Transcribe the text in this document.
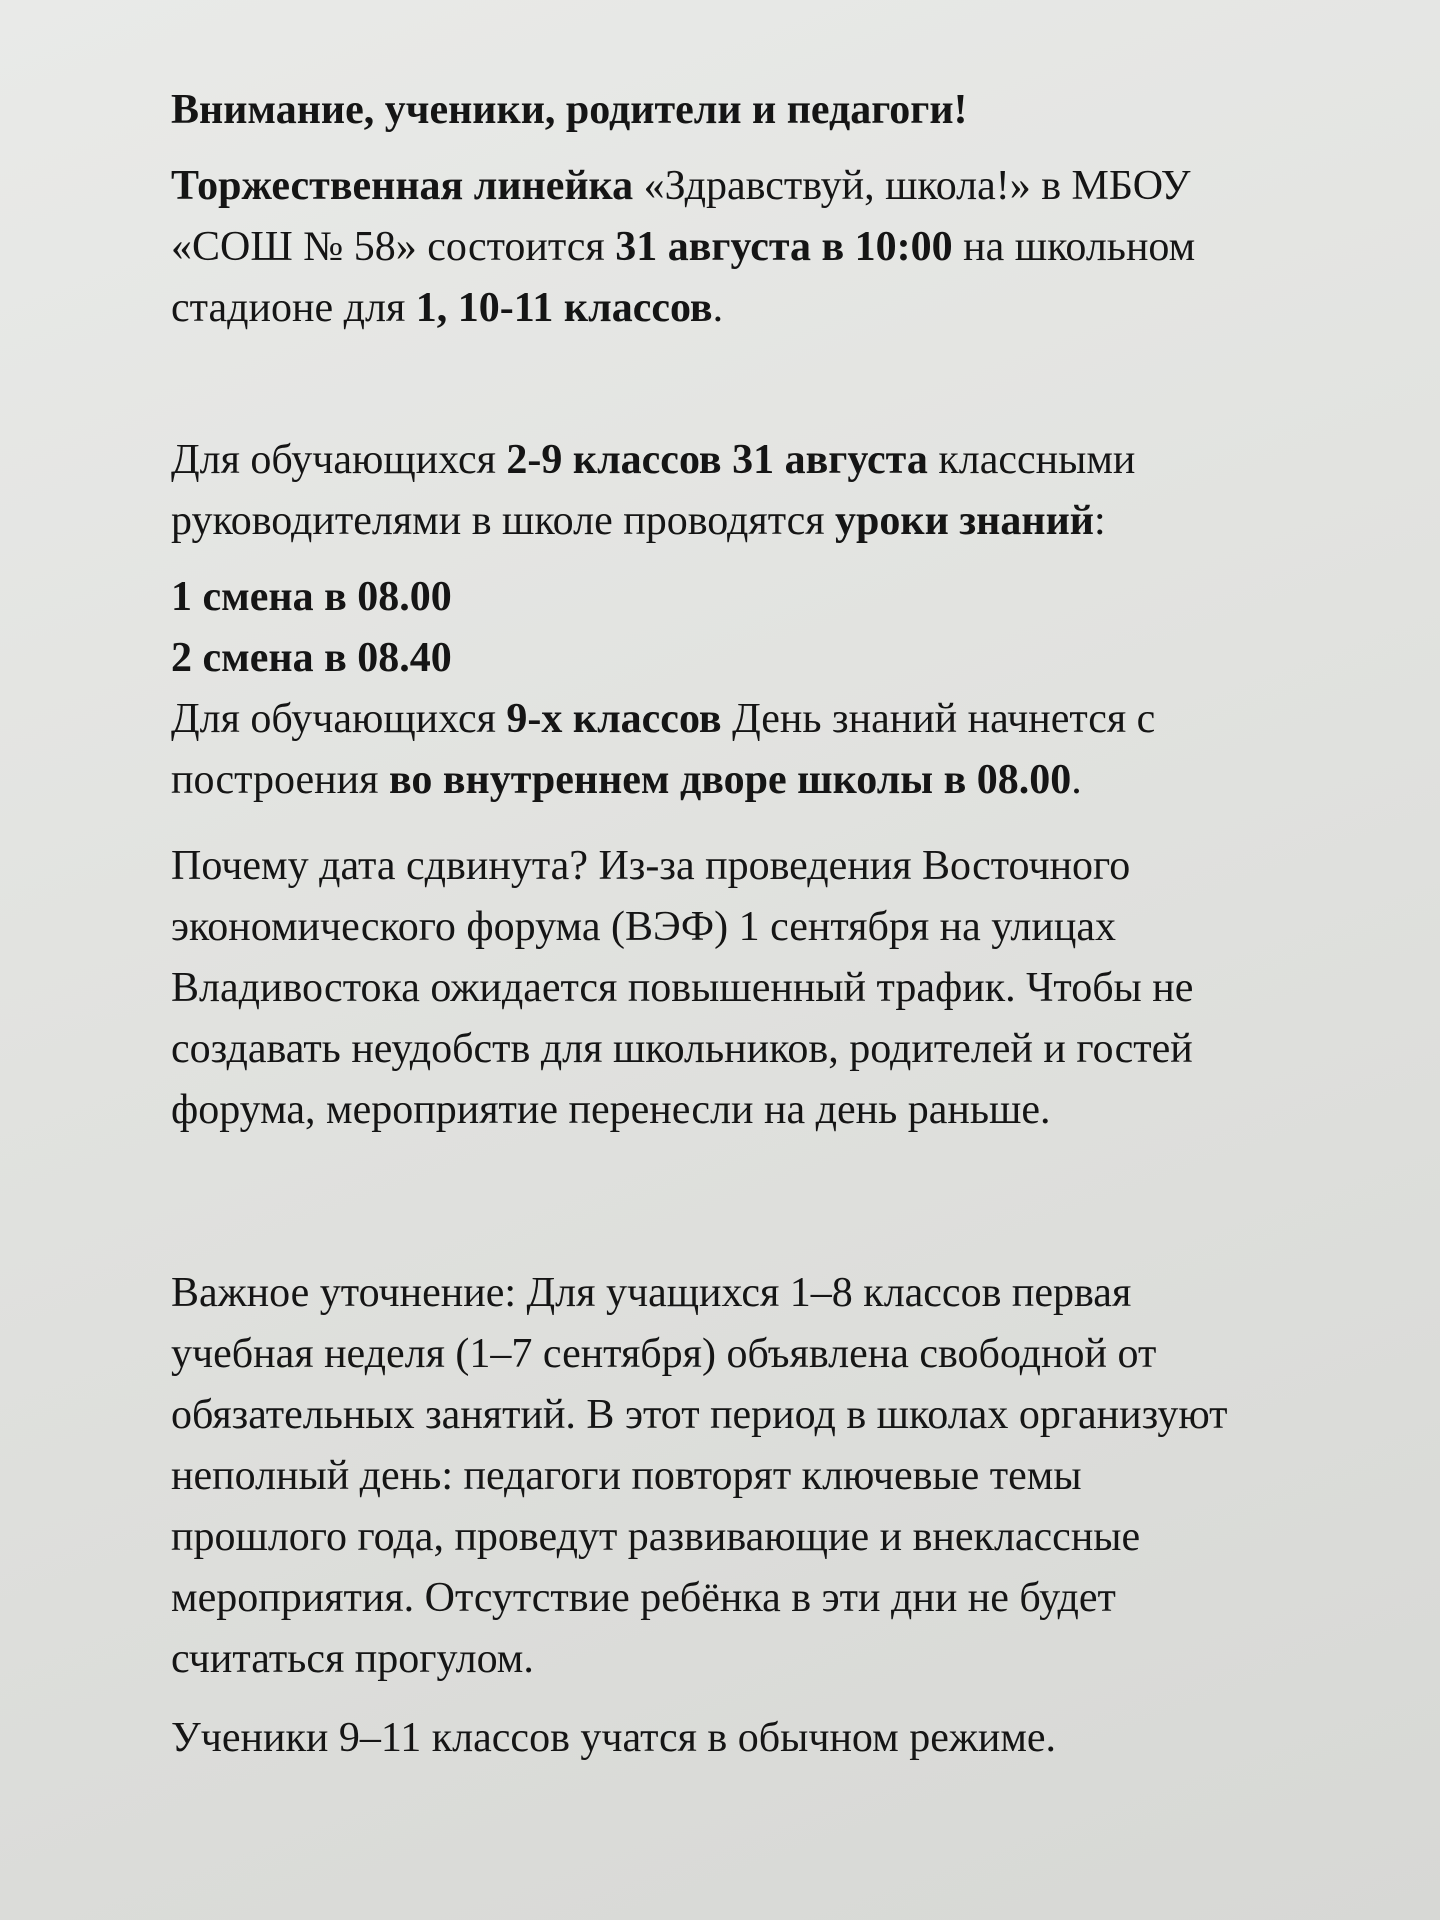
Внимание, ученики, родители и педагоги!

Торжественная линейка «Здравствуй, школа!» в МБОУ
«СОШ № 58» состоится 31 августа в 10:00 на школьном
стадионе для 1, 10-11 классов.

Для обучающихся 2-9 классов 31 августа классными
руководителями в школе проводятся уроки знаний:

1 смена в 08.00
2 смена в 08.40
Для обучающихся 9-х классов День знаний начнется с
построения во внутреннем дворе школы в 08.00.

Почему дата сдвинута? Из-за проведения Восточного
экономического форума (ВЭФ) 1 сентября на улицах
Владивостока ожидается повышенный трафик. Чтобы не
создавать неудобств для школьников, родителей и гостей
форума, мероприятие перенесли на день раньше.

Важное уточнение: Для учащихся 1–8 классов первая
учебная неделя (1–7 сентября) объявлена свободной от
обязательных занятий. В этот период в школах организуют
неполный день: педагоги повторят ключевые темы
прошлого года, проведут развивающие и внеклассные
мероприятия. Отсутствие ребёнка в эти дни не будет
считаться прогулом.

Ученики 9–11 классов учатся в обычном режиме.
